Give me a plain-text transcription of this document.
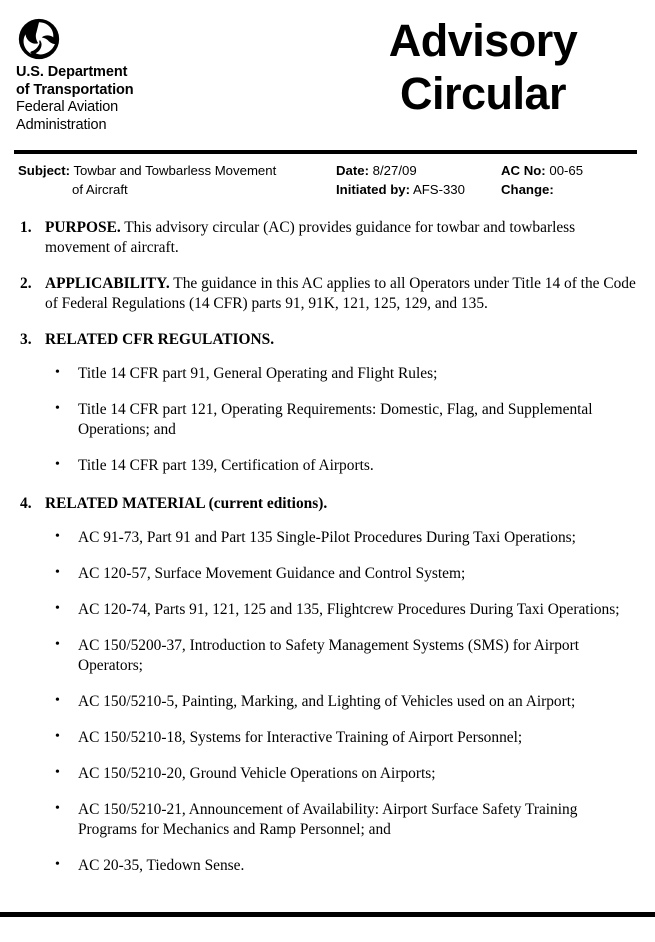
U.S. Department
of Transportation
Federal Aviation
Administration
Advisory
Circular
Subject: Towbar and Towbarless Movement	Date: 8/27/09	AC No: 00-65
of Aircraft	Initiated by: AFS-330	Change:

1. PURPOSE. This advisory circular (AC) provides guidance for towbar and towbarless movement of aircraft.

2. APPLICABILITY. The guidance in this AC applies to all Operators under Title 14 of the Code of Federal Regulations (14 CFR) parts 91, 91K, 121, 125, 129, and 135.

3. RELATED CFR REGULATIONS.

• Title 14 CFR part 91, General Operating and Flight Rules;
• Title 14 CFR part 121, Operating Requirements: Domestic, Flag, and Supplemental Operations; and
• Title 14 CFR part 139, Certification of Airports.

4. RELATED MATERIAL (current editions).

• AC 91-73, Part 91 and Part 135 Single-Pilot Procedures During Taxi Operations;
• AC 120-57, Surface Movement Guidance and Control System;
• AC 120-74, Parts 91, 121, 125 and 135, Flightcrew Procedures During Taxi Operations;
• AC 150/5200-37, Introduction to Safety Management Systems (SMS) for Airport Operators;
• AC 150/5210-5, Painting, Marking, and Lighting of Vehicles used on an Airport;
• AC 150/5210-18, Systems for Interactive Training of Airport Personnel;
• AC 150/5210-20, Ground Vehicle Operations on Airports;
• AC 150/5210-21, Announcement of Availability: Airport Surface Safety Training Programs for Mechanics and Ramp Personnel; and
• AC 20-35, Tiedown Sense.
